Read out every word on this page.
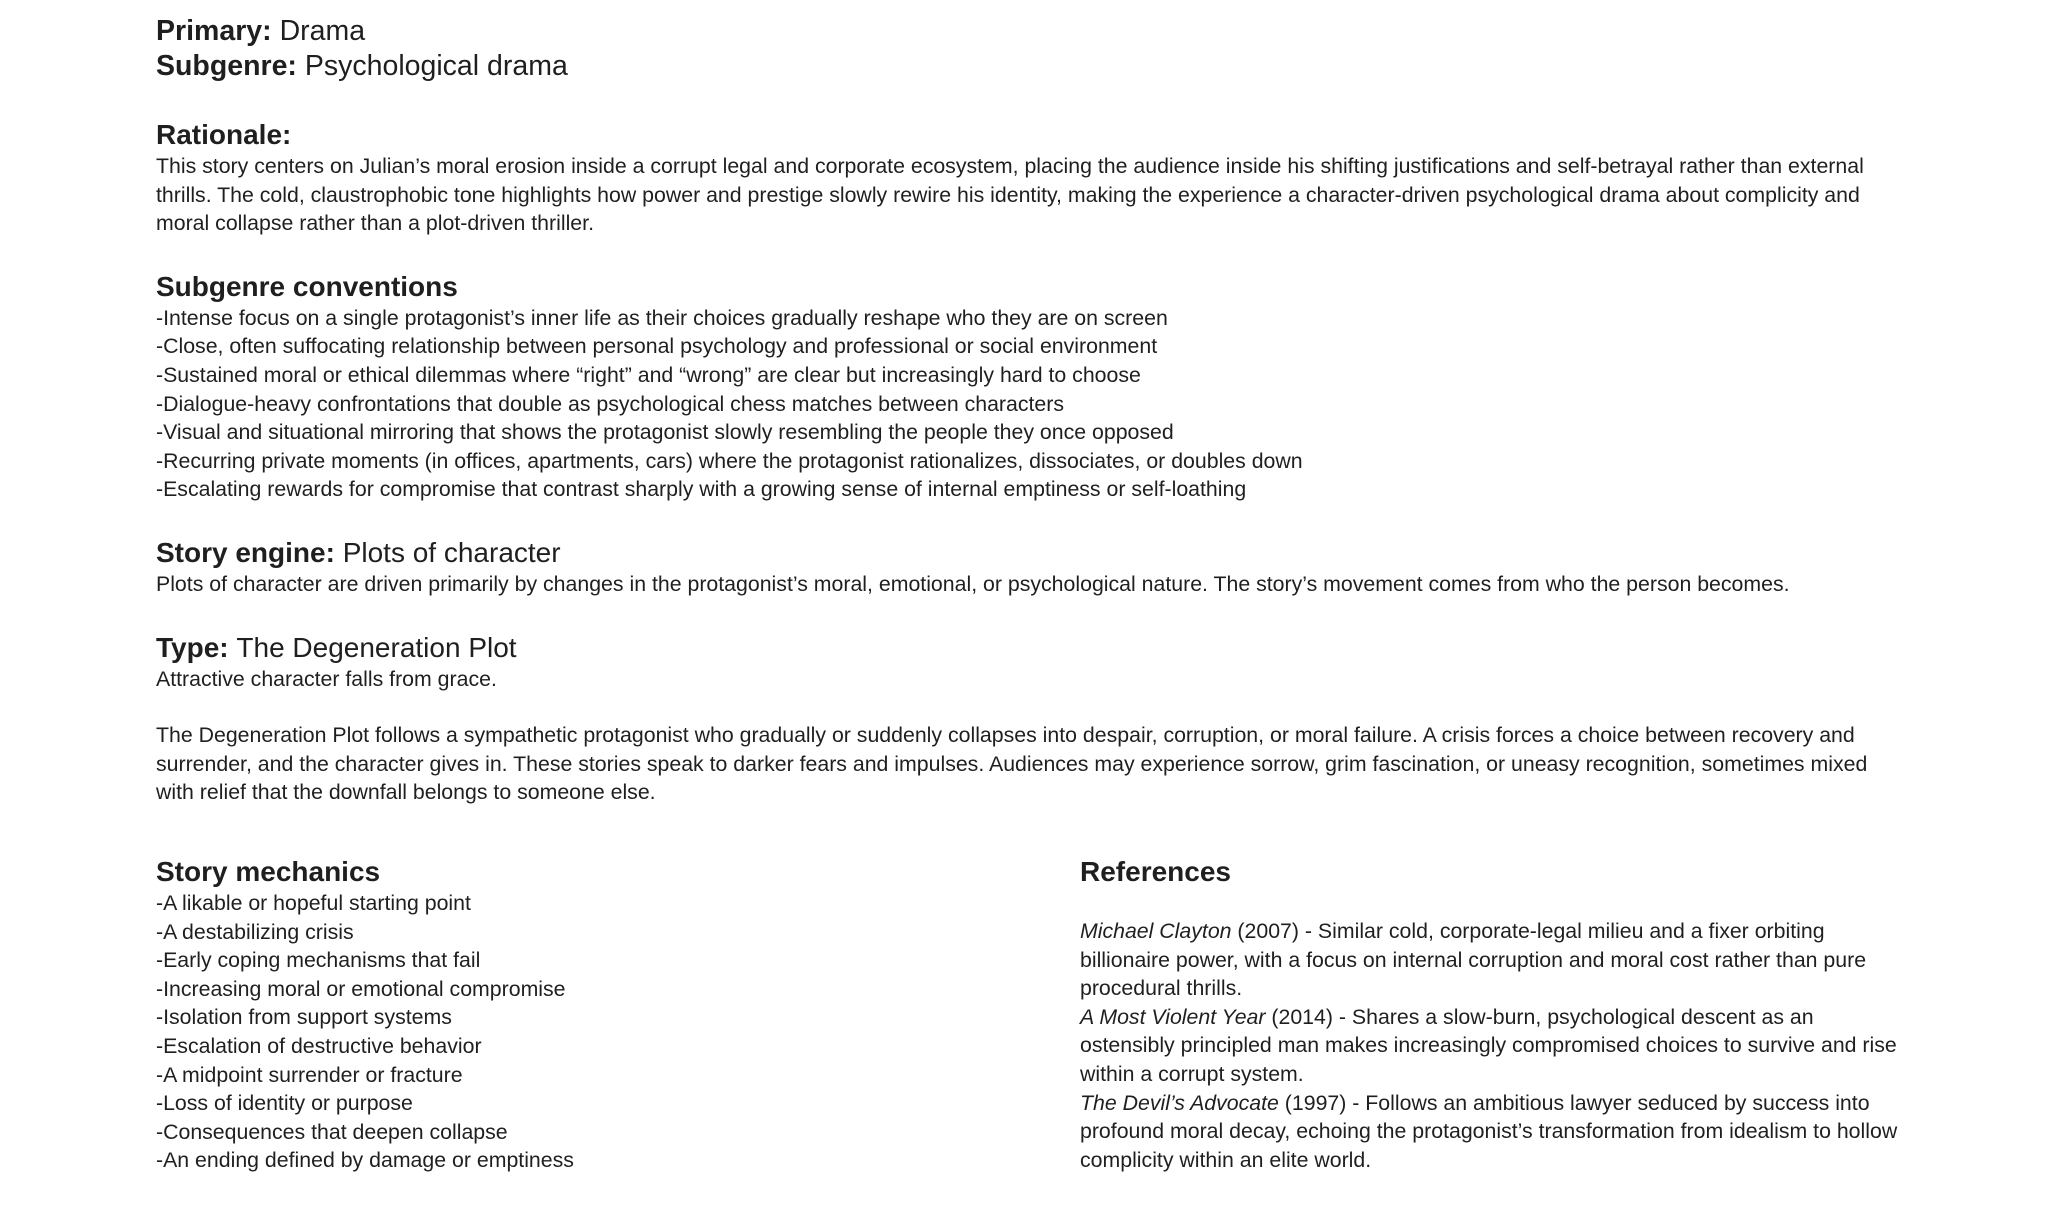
Primary: Drama

Subgenre: Psychological drama

Rationale:

This story centers on Julian’s moral erosion inside a corrupt legal and corporate ecosystem, placing the audience inside his shifting justifications and self-betrayal rather than external thrills. The cold, claustrophobic tone highlights how power and prestige slowly rewire his identity, making the experience a character-driven psychological drama about complicity and moral collapse rather than a plot-driven thriller.

Subgenre conventions
-Intense focus on a single protagonist’s inner life as their choices gradually reshape who they are on screen
-Close, often suffocating relationship between personal psychology and professional or social environment
-Sustained moral or ethical dilemmas where “right” and “wrong” are clear but increasingly hard to choose
-Dialogue-heavy confrontations that double as psychological chess matches between characters
-Visual and situational mirroring that shows the protagonist slowly resembling the people they once opposed
-Recurring private moments (in offices, apartments, cars) where the protagonist rationalizes, dissociates, or doubles down
-Escalating rewards for compromise that contrast sharply with a growing sense of internal emptiness or self-loathing
Story engine: Plots of character

Plots of character are driven primarily by changes in the protagonist’s moral, emotional, or psychological nature. The story’s movement comes from who the person becomes.

Type: The Degeneration Plot

Attractive character falls from grace.

The Degeneration Plot follows a sympathetic protagonist who gradually or suddenly collapses into despair, corruption, or moral failure. A crisis forces a choice between recovery and surrender, and the character gives in. These stories speak to darker fears and impulses. Audiences may experience sorrow, grim fascination, or uneasy recognition, sometimes mixed with relief that the downfall belongs to someone else.

Story mechanics
-A likable or hopeful starting point
-A destabilizing crisis
-Early coping mechanisms that fail
-Increasing moral or emotional compromise
-Isolation from support systems
-Escalation of destructive behavior
-A midpoint surrender or fracture
-Loss of identity or purpose
-Consequences that deepen collapse
-An ending defined by damage or emptiness
References

Michael Clayton (2007) - Similar cold, corporate-legal milieu and a fixer orbiting billionaire power, with a focus on internal corruption and moral cost rather than pure procedural thrills.

A Most Violent Year (2014) - Shares a slow-burn, psychological descent as an ostensibly principled man makes increasingly compromised choices to survive and rise within a corrupt system.

The Devil’s Advocate (1997) - Follows an ambitious lawyer seduced by success into profound moral decay, echoing the protagonist’s transformation from idealism to hollow complicity within an elite world.
